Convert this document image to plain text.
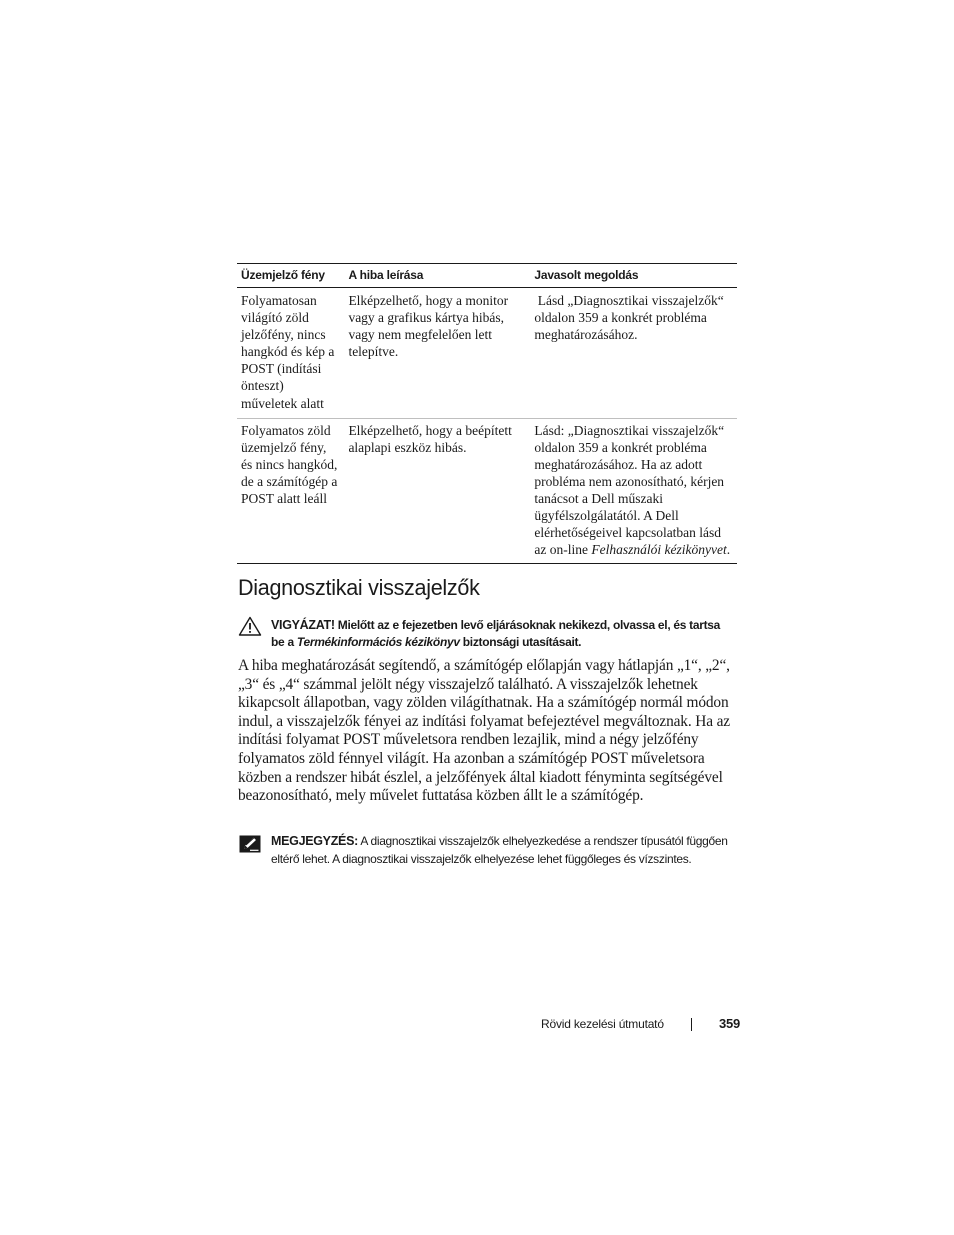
Üzemjelző fény	A hiba leírása	Javasolt megoldás
Folyamatosan világító zöld jelzőfény, nincs hangkód és kép a POST (indítási önteszt) műveletek alatt	Elképzelhető, hogy a monitor vagy a grafikus kártya hibás, vagy nem megfelelően lett telepítve.	Lásd „Diagnosztikai visszajelzők“ oldalon 359 a konkrét probléma meghatározásához.
Folyamatos zöld üzemjelző fény, és nincs hangkód, de a számítógép a POST alatt leáll	Elképzelhető, hogy a beépített alaplapi eszköz hibás.	Lásd: „Diagnosztikai visszajelzők“ oldalon 359 a konkrét probléma meghatározásához. Ha az adott probléma nem azonosítható, kérjen tanácsot a Dell műszaki ügyfélszolgálatától. A Dell elérhetőségeivel kapcsolatban lásd az on-line Felhasználói kézikönyvet.
Diagnosztikai visszajelzők
VIGYÁZAT! Mielőtt az e fejezetben levő eljárásoknak nekikezd, olvassa el, és tartsa be a Termékinformációs kézikönyv biztonsági utasításait.

A hiba meghatározását segítendő, a számítógép előlapján vagy hátlapján „1“, „2“, „3“ és „4“ számmal jelölt négy visszajelző található. A visszajelzők lehetnek kikapcsolt állapotban, vagy zölden világíthatnak. Ha a számítógép normál módon indul, a visszajelzők fényei az indítási folyamat befejeztével megváltoznak. Ha az indítási folyamat POST műveletsora rendben lezajlik, mind a négy jelzőfény folyamatos zöld fénnyel világít. Ha azonban a számítógép POST műveletsora közben a rendszer hibát észlel, a jelzőfények által kiadott fényminta segítségével beazonosítható, mely művelet futtatása közben állt le a számítógép.

MEGJEGYZÉS: A diagnosztikai visszajelzők elhelyezkedése a rendszer típusától függően eltérő lehet. A diagnosztikai visszajelzők elhelyezése lehet függőleges és vízszintes.
Rövid kezelési útmutató	359
